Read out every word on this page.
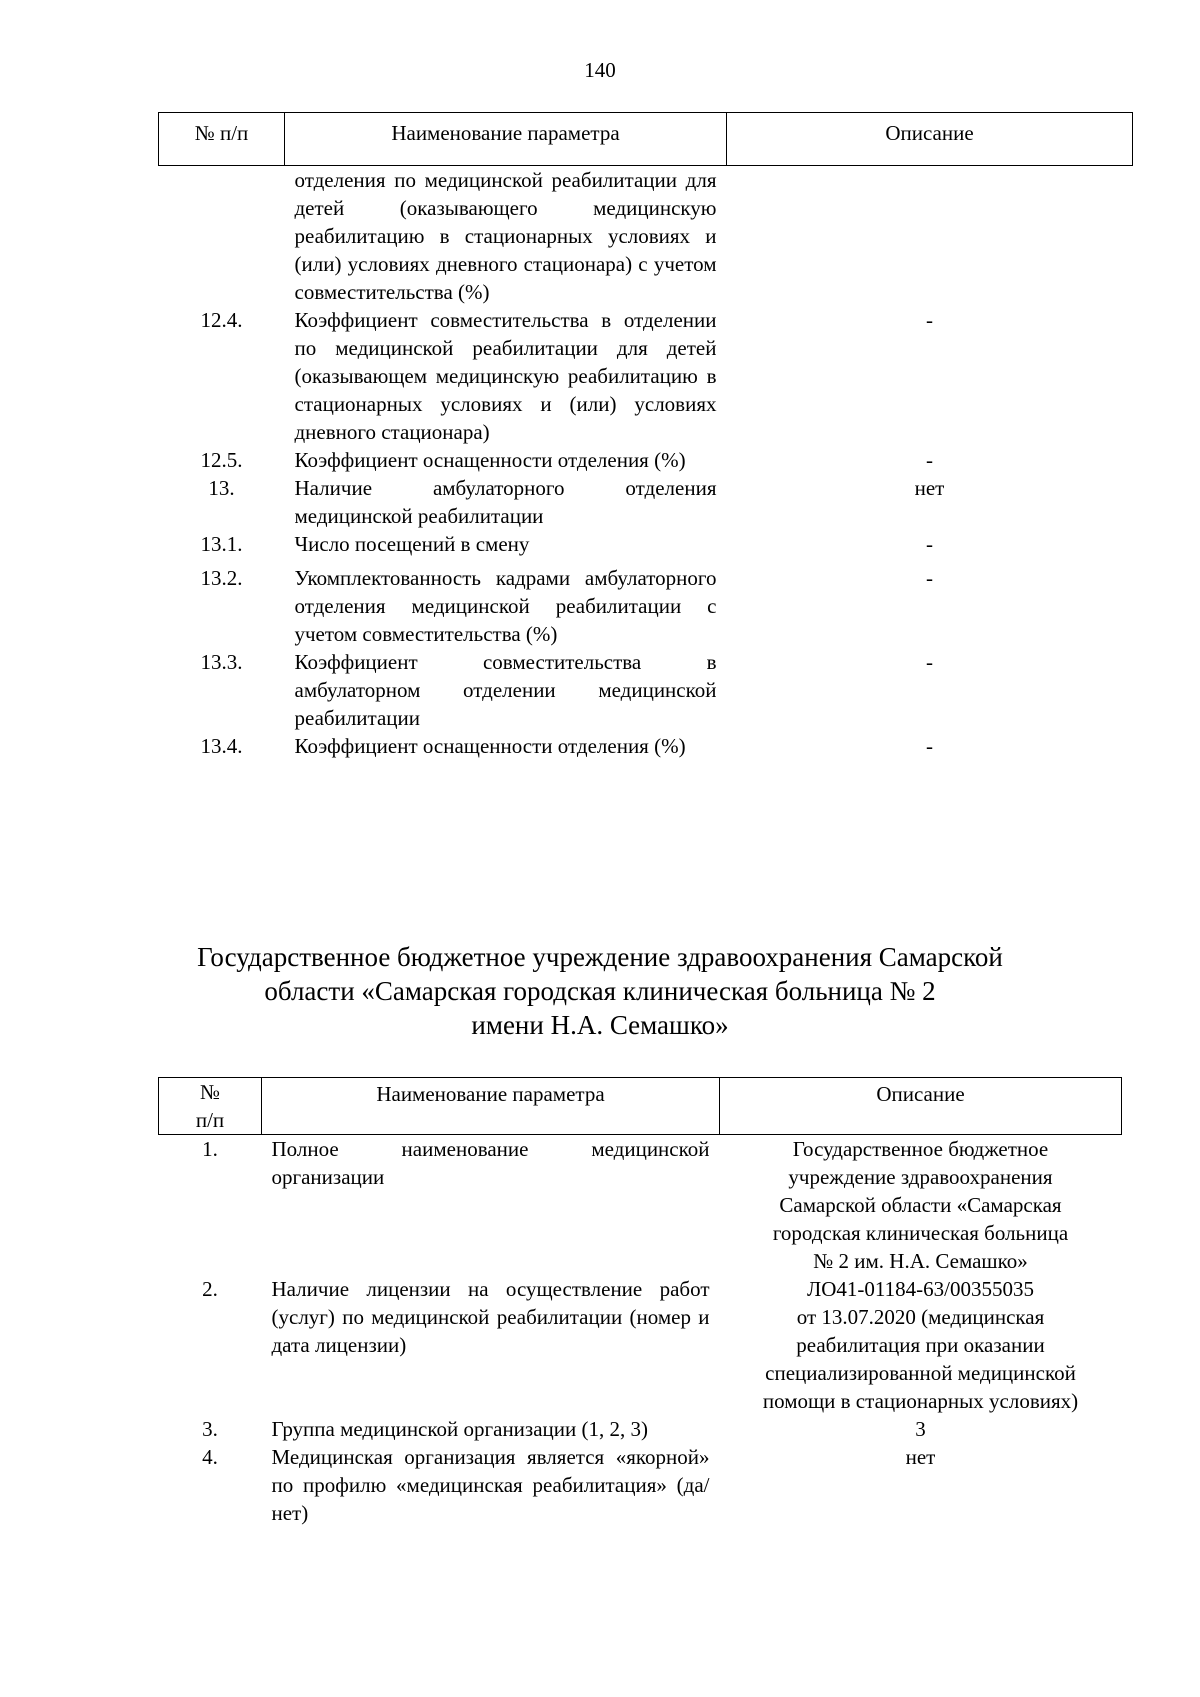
140
№ п/п	Наименование параметра	Описание
	отделения по медицинской реабилитации для детей (оказывающего медицинскую реабилитацию в стационарных условиях и (или) условиях дневного стационара) с учетом совместительства (%)	
12.4.	Коэффициент совместительства в отделении по медицинской реабилитации для детей (оказывающем медицинскую реабилитацию в стационарных условиях и (или) условиях дневного стационара)	-
12.5.	Коэффициент оснащенности отделения (%)	-
13.	Наличие амбулаторного отделения медицинской реабилитации	нет
13.1.	Число посещений в смену	-
13.2.	Укомплектованность кадрами амбулаторного отделения медицинской реабилитации с учетом совместительства (%)	-
13.3.	Коэффициент совместительства в амбулаторном отделении медицинской реабилитации	-
13.4.	Коэффициент оснащенности отделения (%)	-
Государственное бюджетное учреждение здравоохранения Самарской
области «Самарская городская клиническая больница № 2
имени Н.А. Семашко»
№
п/п	Наименование параметра	Описание
1.	Полное наименование медицинской организации	Государственное бюджетное
учреждение здравоохранения
Самарской области «Самарская
городская клиническая больница
№ 2 им. Н.А. Семашко»

2.	Наличие лицензии на осуществление работ (услуг) по медицинской реабилитации (номер и дата лицензии)	ЛО41-01184-63/00355035
от 13.07.2020 (медицинская
реабилитация при оказании
специализированной медицинской
помощи в стационарных условиях)

3.	Группа медицинской организации (1, 2, 3)	3

4.	Медицинская организация является «якорной» по профилю «медицинская реабилитация» (да/нет)	нет
